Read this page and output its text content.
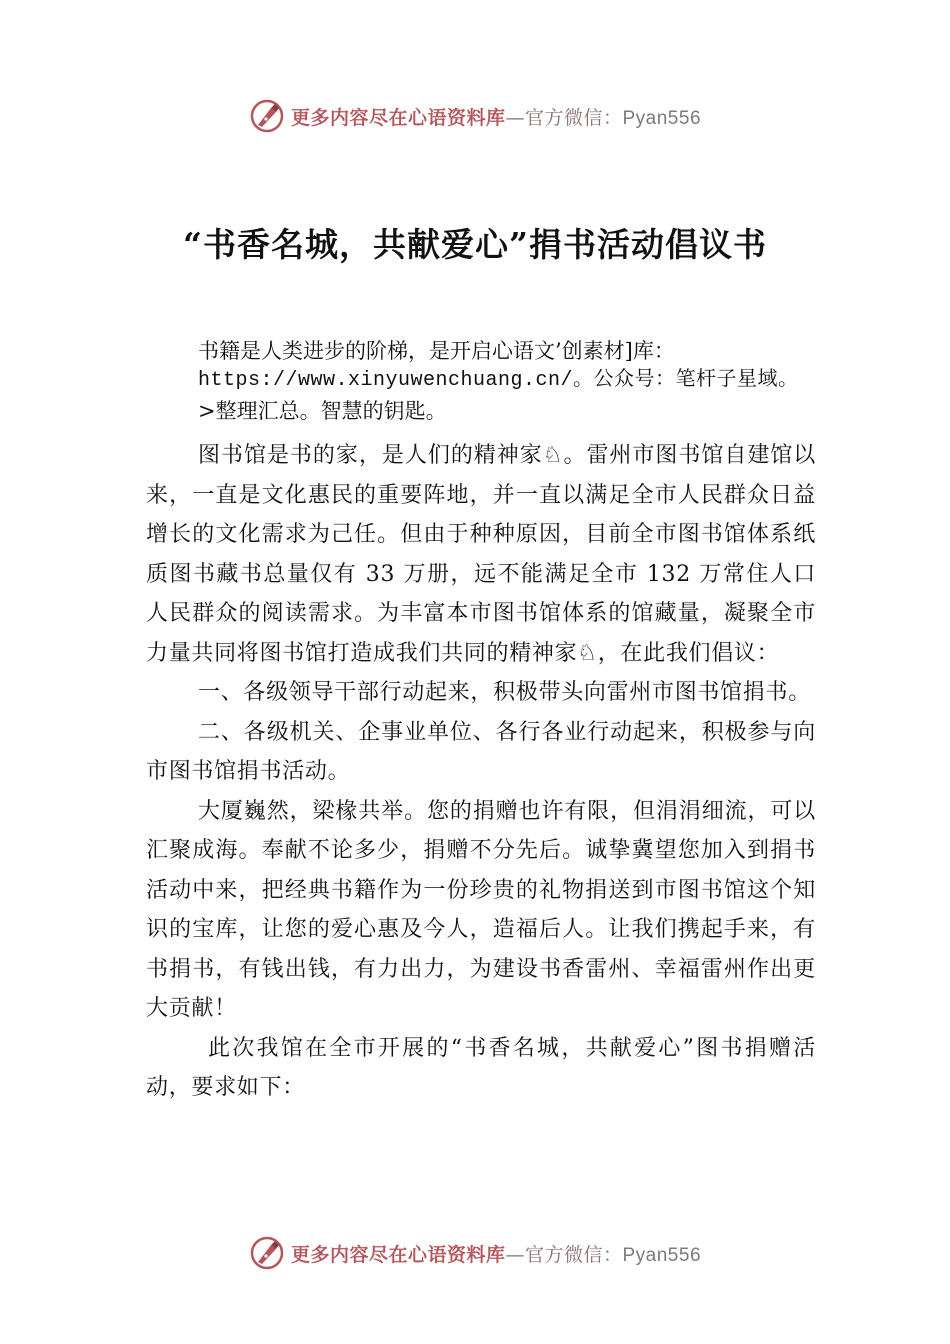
更多内容尽在心语资料库—官方微信：Pyan556
“书香名城，共献爱心”捐书活动倡议书
书籍是人类进步的阶梯，是开启心语文’创素材]库：
https://www.xinyuwenchuang.cn/。公众号：笔杆子星域。
>整理汇总。智慧的钥匙。

图书馆是书的家，是人们的精神家♘。雷州市图书馆自建馆以来，一直是文化惠民的重要阵地，并一直以满足全市人民群众日益增长的文化需求为己任。但由于种种原因，目前全市图书馆体系纸质图书藏书总量仅有 33 万册，远不能满足全市 132 万常住人口人民群众的阅读需求。为丰富本市图书馆体系的馆藏量，凝聚全市力量共同将图书馆打造成我们共同的精神家♘，在此我们倡议：

一、各级领导干部行动起来，积极带头向雷州市图书馆捐书。

二、各级机关、企事业单位、各行各业行动起来，积极参与向市图书馆捐书活动。

大厦巍然，梁椽共举。您的捐赠也许有限，但涓涓细流，可以汇聚成海。奉献不论多少，捐赠不分先后。诚挚冀望您加入到捐书活动中来，把经典书籍作为一份珍贵的礼物捐送到市图书馆这个知识的宝库，让您的爱心惠及今人，造福后人。让我们携起手来，有书捐书，有钱出钱，有力出力，为建设书香雷州、幸福雷州作出更大贡献！

此次我馆在全市开展的“书香名城，共献爱心”图书捐赠活动，要求如下：

更多内容尽在心语资料库—官方微信：Pyan556
